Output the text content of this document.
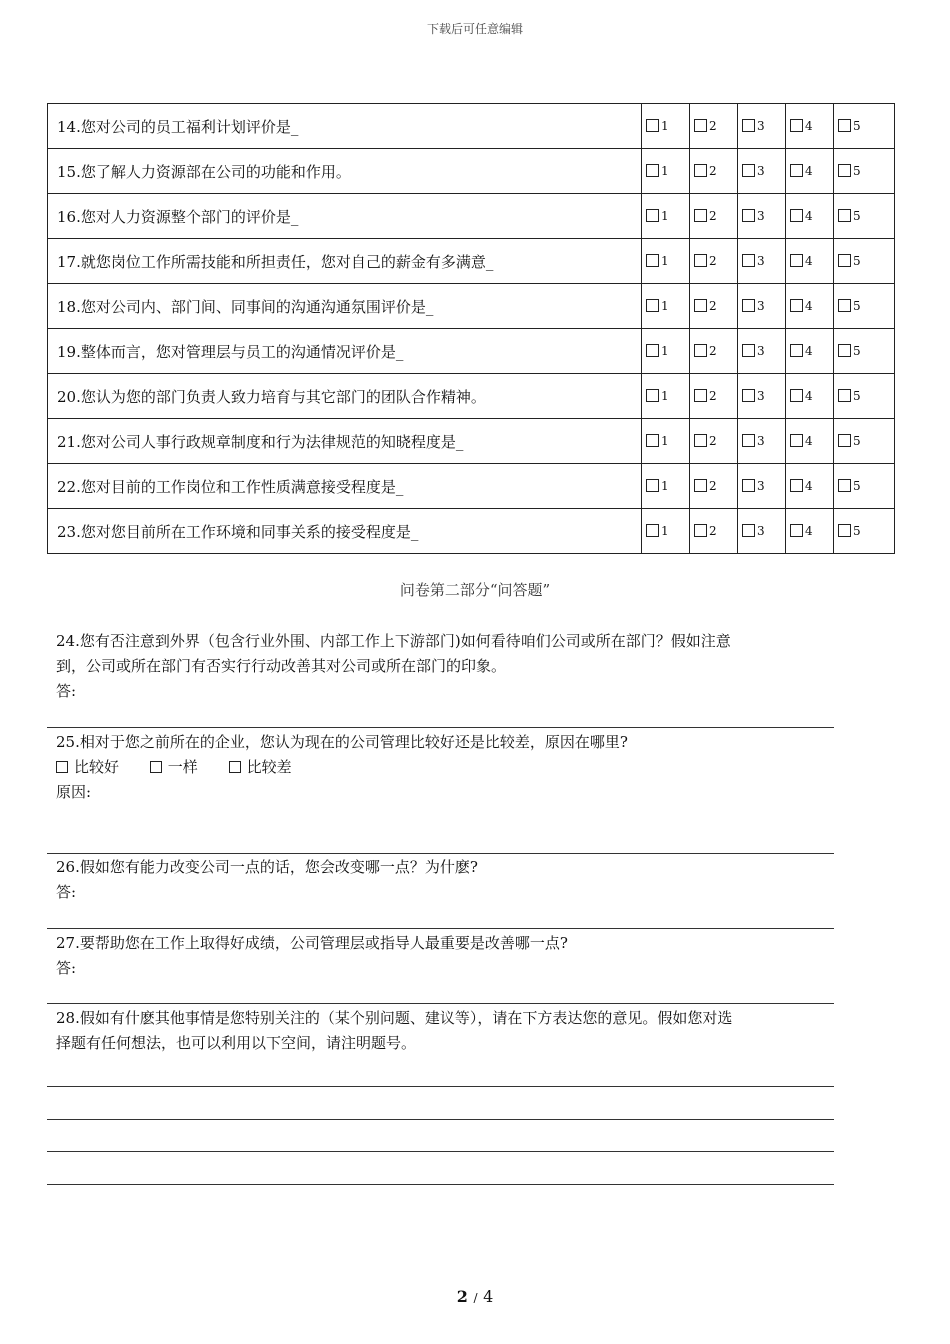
下载后可任意编辑
14.您对公司的员工福利计划评价是_	1	2	3	4	5
15.您了解人力资源部在公司的功能和作用。	1	2	3	4	5
16.您对人力资源整个部门的评价是_	1	2	3	4	5
17.就您岗位工作所需技能和所担责任，您对自己的薪金有多满意_	1	2	3	4	5
18.您对公司内、部门间、同事间的沟通沟通氛围评价是_	1	2	3	4	5
19.整体而言，您对管理层与员工的沟通情况评价是_	1	2	3	4	5
20.您认为您的部门负责人致力培育与其它部门的团队合作精神。	1	2	3	4	5
21.您对公司人事行政规章制度和行为法律规范的知晓程度是_	1	2	3	4	5
22.您对目前的工作岗位和工作性质满意接受程度是_	1	2	3	4	5
23.您对您目前所在工作环境和同事关系的接受程度是_	1	2	3	4	5
问卷第二部分“问答题”

24.您有否注意到外界（包含行业外围、内部工作上下游部门)如何看待咱们公司或所在部门？假如注意

到，公司或所在部门有否实行行动改善其对公司或所在部门的印象。

答:

25.相对于您之前所在的企业，您认为现在的公司管理比较好还是比较差，原因在哪里?

比较好	一样	比较差

原因:

26.假如您有能力改变公司一点的话，您会改变哪一点？为什麽?

答:

27.要帮助您在工作上取得好成绩，公司管理层或指导人最重要是改善哪一点?

答:

28.假如有什麽其他事情是您特别关注的（某个别问题、建议等），请在下方表达您的意见。假如您对选

择题有任何想法，也可以利用以下空间，请注明题号。

2 / 4
